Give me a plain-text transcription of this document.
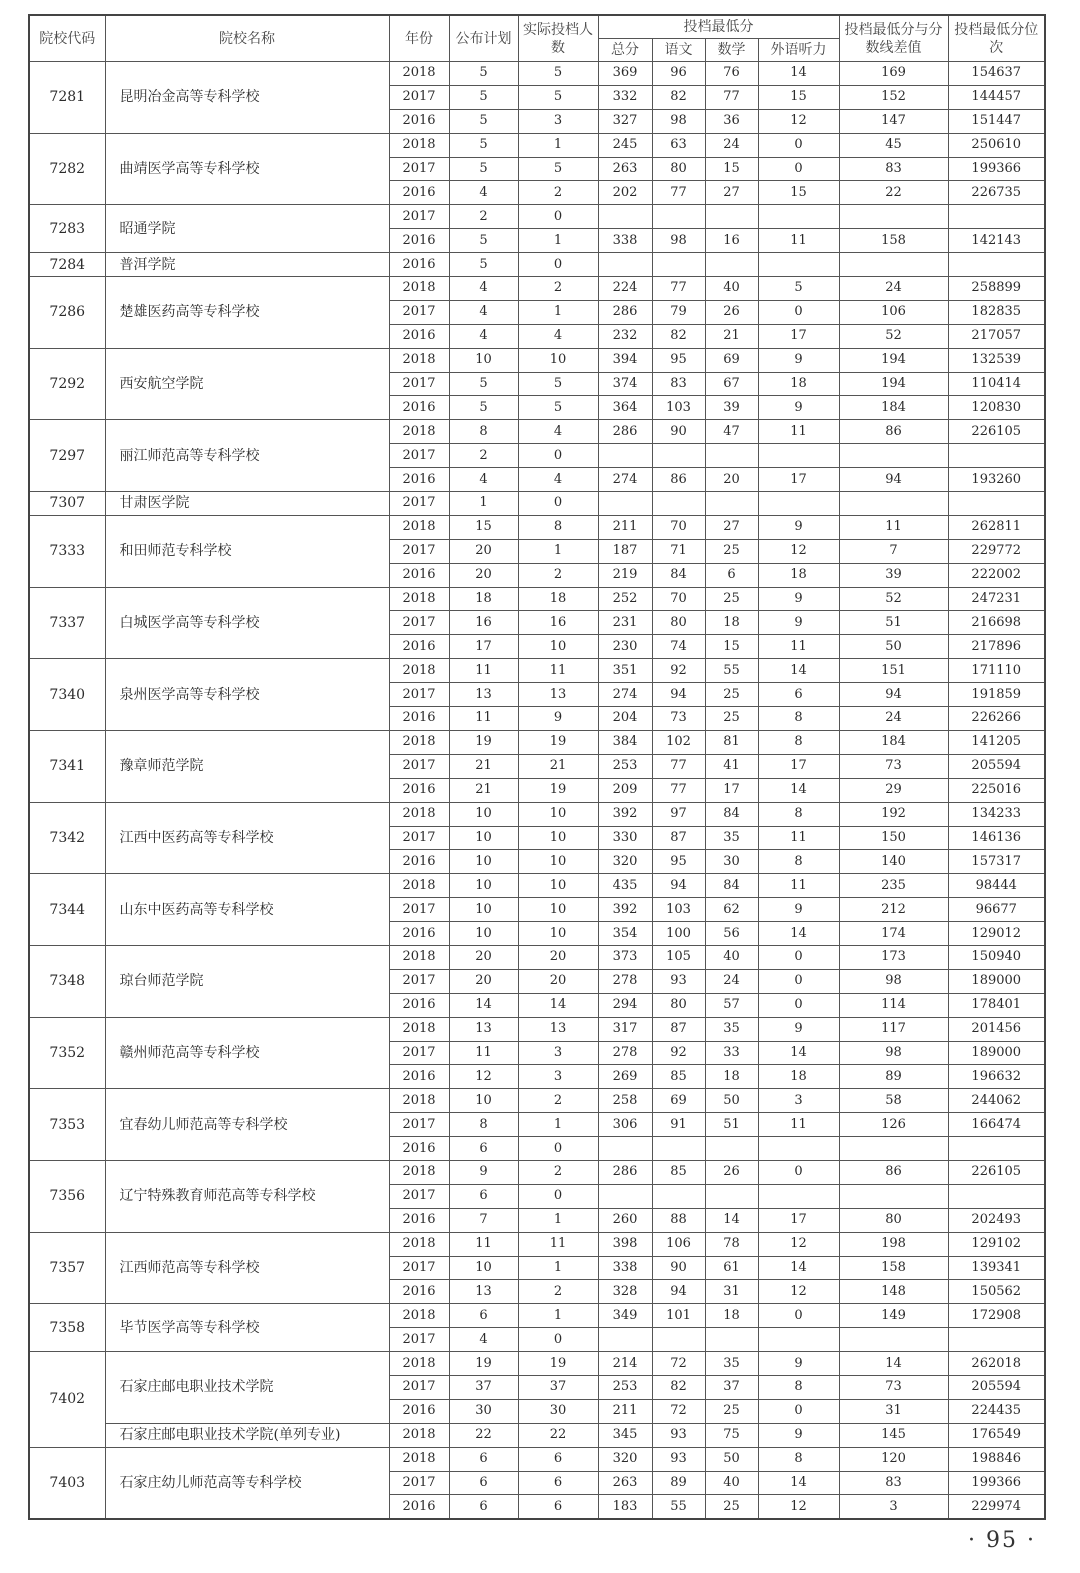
院校代码	院校名称	年份	公布计划	实际投档人数	投档最低分				投档最低分与分数线差值	投档最低分位次
					总分	语文	数学	外语听力		
7281	昆明冶金高等专科学校	2018	5	5	369	96	76	14	169	154637
		2017	5	5	332	82	77	15	152	144457
		2016	5	3	327	98	36	12	147	151447
7282	曲靖医学高等专科学校	2018	5	1	245	63	24	0	45	250610
		2017	5	5	263	80	15	0	83	199366
		2016	4	2	202	77	27	15	22	226735
7283	昭通学院	2017	2	0						
		2016	5	1	338	98	16	11	158	142143
7284	普洱学院	2016	5	0						
7286	楚雄医药高等专科学校	2018	4	2	224	77	40	5	24	258899
		2017	4	1	286	79	26	0	106	182835
		2016	4	4	232	82	21	17	52	217057
7292	西安航空学院	2018	10	10	394	95	69	9	194	132539
		2017	5	5	374	83	67	18	194	110414
		2016	5	5	364	103	39	9	184	120830
7297	丽江师范高等专科学校	2018	8	4	286	90	47	11	86	226105
		2017	2	0						
		2016	4	4	274	86	20	17	94	193260
7307	甘肃医学院	2017	1	0						
7333	和田师范专科学校	2018	15	8	211	70	27	9	11	262811
		2017	20	1	187	71	25	12	7	229772
		2016	20	2	219	84	6	18	39	222002
7337	白城医学高等专科学校	2018	18	18	252	70	25	9	52	247231
		2017	16	16	231	80	18	9	51	216698
		2016	17	10	230	74	15	11	50	217896
7340	泉州医学高等专科学校	2018	11	11	351	92	55	14	151	171110
		2017	13	13	274	94	25	6	94	191859
		2016	11	9	204	73	25	8	24	226266
7341	豫章师范学院	2018	19	19	384	102	81	8	184	141205
		2017	21	21	253	77	41	17	73	205594
		2016	21	19	209	77	17	14	29	225016
7342	江西中医药高等专科学校	2018	10	10	392	97	84	8	192	134233
		2017	10	10	330	87	35	11	150	146136
		2016	10	10	320	95	30	8	140	157317
7344	山东中医药高等专科学校	2018	10	10	435	94	84	11	235	98444
		2017	10	10	392	103	62	9	212	96677
		2016	10	10	354	100	56	14	174	129012
7348	琼台师范学院	2018	20	20	373	105	40	0	173	150940
		2017	20	20	278	93	24	0	98	189000
		2016	14	14	294	80	57	0	114	178401
7352	赣州师范高等专科学校	2018	13	13	317	87	35	9	117	201456
		2017	11	3	278	92	33	14	98	189000
		2016	12	3	269	85	18	18	89	196632
7353	宜春幼儿师范高等专科学校	2018	10	2	258	69	50	3	58	244062
		2017	8	1	306	91	51	11	126	166474
		2016	6	0						
7356	辽宁特殊教育师范高等专科学校	2018	9	2	286	85	26	0	86	226105
		2017	6	0						
		2016	7	1	260	88	14	17	80	202493
7357	江西师范高等专科学校	2018	11	11	398	106	78	12	198	129102
		2017	10	1	338	90	61	14	158	139341
		2016	13	2	328	94	31	12	148	150562
7358	毕节医学高等专科学校	2018	6	1	349	101	18	0	149	172908
		2017	4	0						
7402	石家庄邮电职业技术学院	2018	19	19	214	72	35	9	14	262018
		2017	37	37	253	82	37	8	73	205594
		2016	30	30	211	72	25	0	31	224435
	石家庄邮电职业技术学院(单列专业)	2018	22	22	345	93	75	9	145	176549
7403	石家庄幼儿师范高等专科学校	2018	6	6	320	93	50	8	120	198846
		2017	6	6	263	89	40	14	83	199366
		2016	6	6	183	55	25	12	3	229974
· 95 ·
